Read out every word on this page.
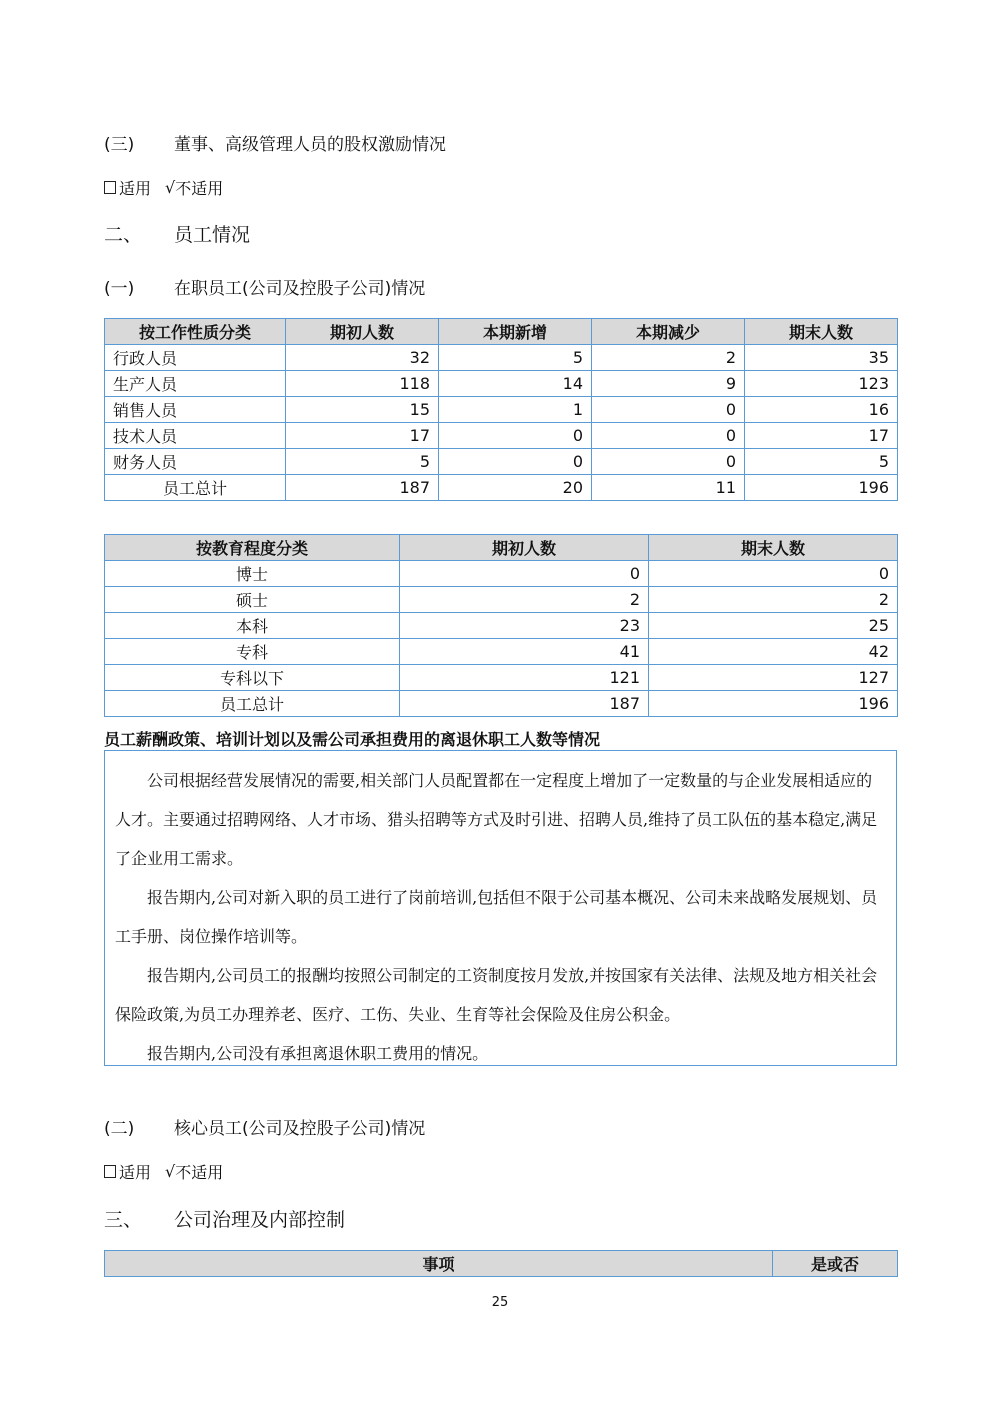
(三)	董事、高级管理人员的股权激励情况
适用 √ 不适用
二、	员工情况
(一)	在职员工(公司及控股子公司)情况
按工作性质分类	期初人数	本期新增	本期减少	期末人数
行政人员	32	5	2	35
生产人员	118	14	9	123
销售人员	15	1	0	16
技术人员	17	0	0	17
财务人员	5	0	0	5
员工总计	187	20	11	196
按教育程度分类	期初人数	期末人数
博士	0	0
硕士	2	2
本科	23	25
专科	41	42
专科以下	121	127
员工总计	187	196
员工薪酬政策、培训计划以及需公司承担费用的离退休职工人数等情况

公司根据经营发展情况的需要,相关部门人员配置都在一定程度上增加了一定数量的与企业发展相适应的人才。主要通过招聘网络、人才市场、猎头招聘等方式及时引进、招聘人员,维持了员工队伍的基本稳定,满足了企业用工需求。

报告期内,公司对新入职的员工进行了岗前培训,包括但不限于公司基本概况、公司未来战略发展规划、员工手册、岗位操作培训等。

报告期内,公司员工的报酬均按照公司制定的工资制度按月发放,并按国家有关法律、法规及地方相关社会保险政策,为员工办理养老、医疗、工伤、失业、生育等社会保险及住房公积金。

报告期内,公司没有承担离退休职工费用的情况。

(二)	核心员工(公司及控股子公司)情况
适用 √ 不适用
三、	公司治理及内部控制
事项	是或否
25
